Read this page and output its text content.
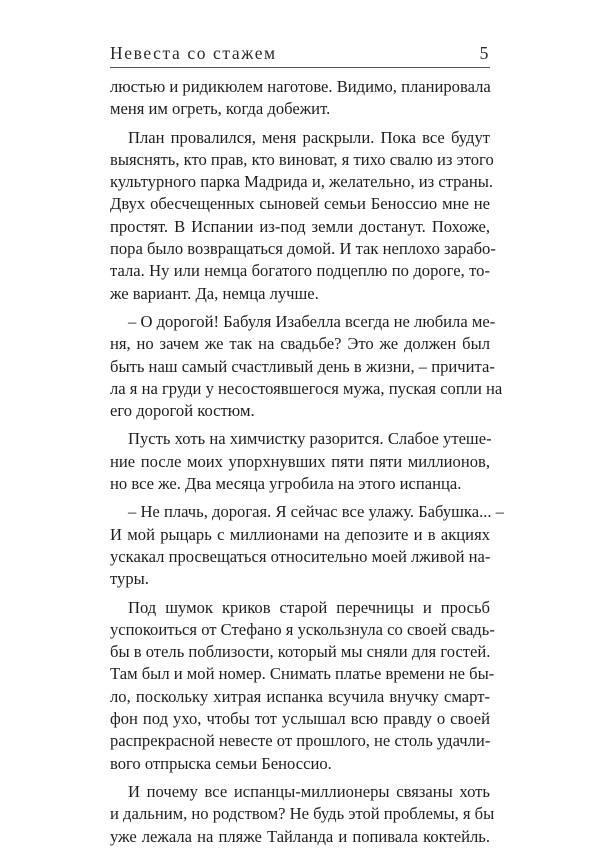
Невеста со стажем	5
люстью и ридикюлем наготове. Видимо, планировала
меня им огреть, когда добежит.
План провалился, меня раскрыли. Пока все будут
выяснять, кто прав, кто виноват, я тихо свалю из этого
культурного парка Мадрида и, желательно, из страны.
Двух обесчещенных сыновей семьи Беноссио мне не
простят. В Испании из-под земли достанут. Похоже,
пора было возвращаться домой. И так неплохо зарабо-
тала. Ну или немца богатого подцеплю по дороге, то-
же вариант. Да, немца лучше.
– О дорогой! Бабуля Изабелла всегда не любила ме-
ня, но зачем же так на свадьбе? Это же должен был
быть наш самый счастливый день в жизни, – причита-
ла я на груди у несостоявшегося мужа, пуская сопли на
его дорогой костюм.
Пусть хоть на химчистку разорится. Слабое утеше-
ние после моих упорхнувших пяти пяти миллионов,
но все же. Два месяца угробила на этого испанца.
– Не плачь, дорогая. Я сейчас все улажу. Бабушка... –
И мой рыцарь с миллионами на депозите и в акциях
ускакал просвещаться относительно моей лживой на-
туры.
Под шумок криков старой перечницы и просьб
успокоиться от Стефано я ускользнула со своей свадь-
бы в отель поблизости, который мы сняли для гостей.
Там был и мой номер. Снимать платье времени не бы-
ло, поскольку хитрая испанка всучила внучку смарт-
фон под ухо, чтобы тот услышал всю правду о своей
распрекрасной невесте от прошлого, не столь удачли-
вого отпрыска семьи Беноссио.
И почему все испанцы-миллионеры связаны хоть
и дальним, но родством? Не будь этой проблемы, я бы
уже лежала на пляже Тайланда и попивала коктейль.
